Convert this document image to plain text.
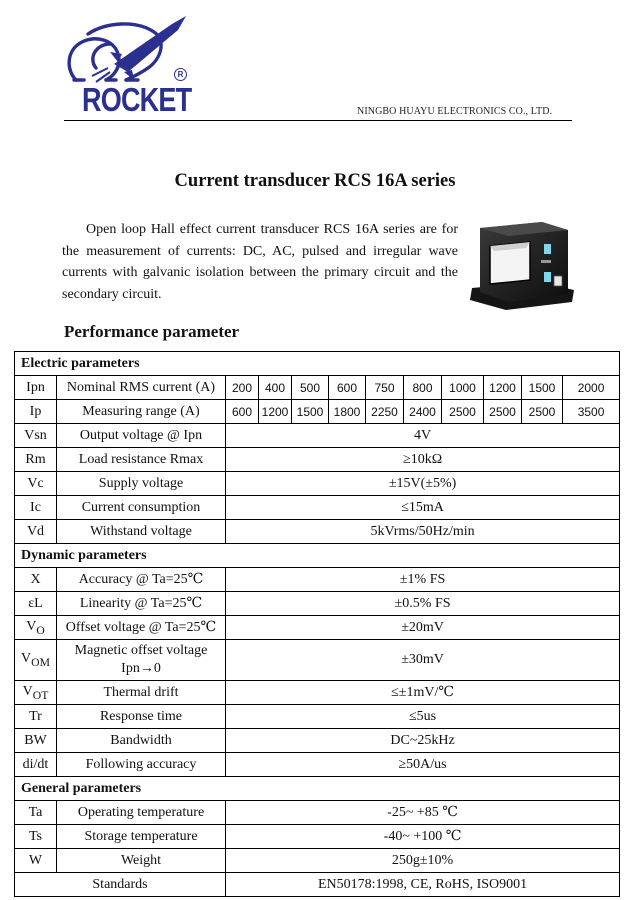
ROCKET
R
NINGBO HUAYU ELECTRONICS CO., LTD.
Current transducer RCS 16A series

Open loop Hall effect current transducer RCS 16A series are for the measurement of currents: DC, AC, pulsed and irregular wave currents with galvanic isolation between the primary circuit and the secondary circuit.

Performance parameter
Electric parameters											
Ipn	Nominal RMS current (A)	200	400	500	600	750	800	1000	1200	1500	2000
Ip	Measuring range (A)	600	1200	1500	1800	2250	2400	2500	2500	2500	3500
Vsn	Output voltage @ Ipn	4V									
Rm	Load resistance Rmax	≥10kΩ									
Vc	Supply voltage	±15V(±5%)									
Ic	Current consumption	≤15mA									
Vd	Withstand voltage	5kVrms/50Hz/min									
Dynamic parameters											
X	Accuracy @ Ta=25℃	±1% FS									
εL	Linearity @ Ta=25℃	±0.5% FS									
$V_O$	Offset voltage @ Ta=25℃	±20mV									
$V_{OM}$	Magnetic offset voltage Ipn→0	±30mV									
$V_{OT}$	Thermal drift	≤±1mV/℃									
Tr	Response time	≤5us									
BW	Bandwidth	DC~25kHz									
di/dt	Following accuracy	≥50A/us									
General parameters											
Ta	Operating temperature	-25~ +85 ℃									
Ts	Storage temperature	-40~ +100 ℃									
W	Weight	250g±10%									
Standards		EN50178:1998, CE, RoHS, ISO9001									
